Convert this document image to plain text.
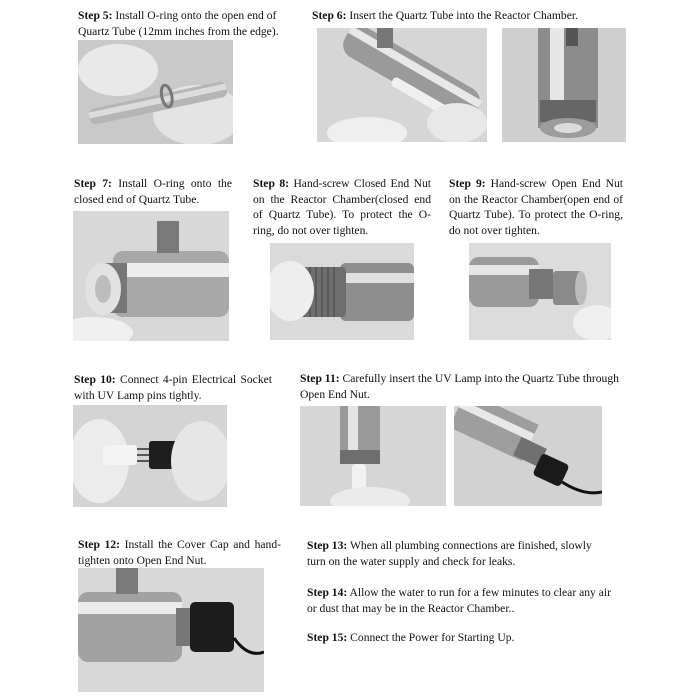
Step 5: Install O-ring onto the open end of Quartz Tube (12mm inches from the edge).
Step 6: Insert the Quartz Tube into the Reactor Chamber.
Step 7: Install O-ring onto the closed end of Quartz Tube.
Step 8: Hand-screw Closed End Nut on the Reactor Chamber(closed end of Quartz Tube). To protect the O-ring, do not over tighten.
Step 9: Hand-screw Open End Nut on the Reactor Chamber(open end of Quartz Tube). To protect the O-ring, do not over tighten.
Step 10: Connect 4-pin Electrical Socket with UV Lamp pins tightly.
Step 11: Carefully insert the UV Lamp into the Quartz Tube through Open End Nut.
Step 12: Install the Cover Cap and hand-tighten onto Open End Nut.
Step 13: When all plumbing connections are finished, slowly turn on the water supply and check for leaks.
Step 14: Allow the water to run for a few minutes to clear any air or dust that may be in the Reactor Chamber..
Step 15: Connect the Power for Starting Up.
